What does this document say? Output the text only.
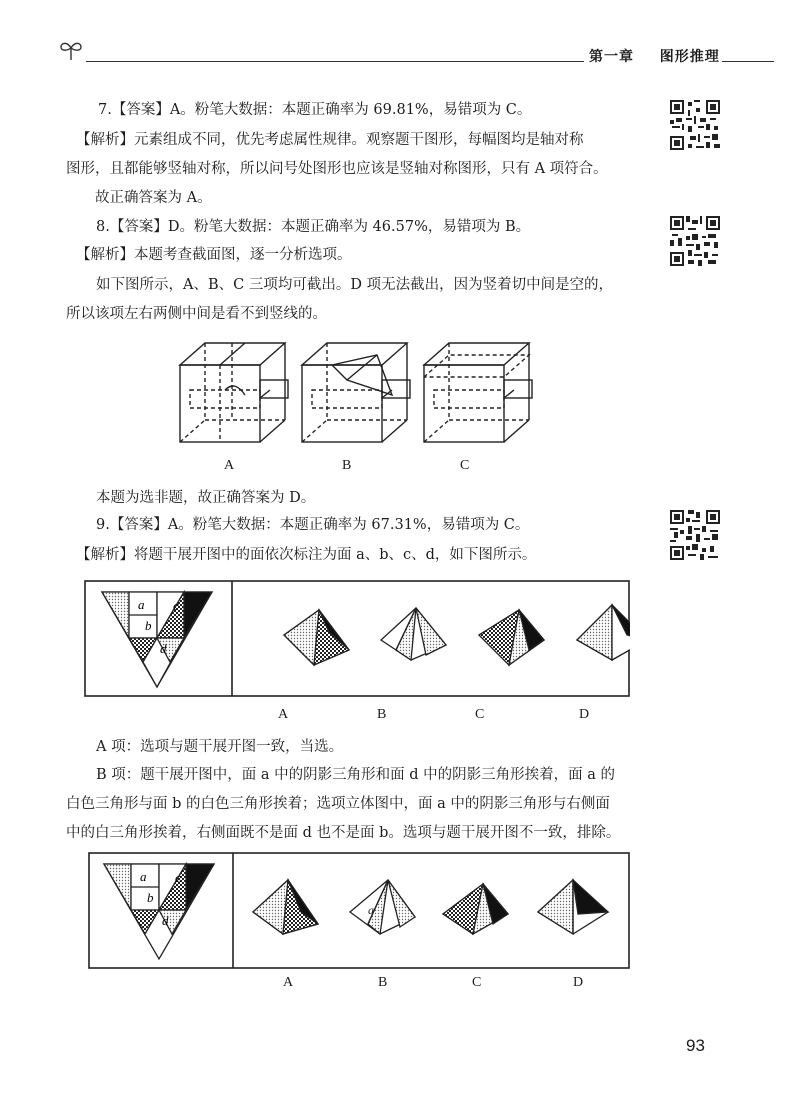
第一章 图形推理
7.【答案】A。粉笔大数据：本题正确率为 69.81%，易错项为 C。
【解析】元素组成不同，优先考虑属性规律。观察题干图形，每幅图均是轴对称
图形，且都能够竖轴对称，所以问号处图形也应该是竖轴对称图形，只有 A 项符合。
故正确答案为 A。
8.【答案】D。粉笔大数据：本题正确率为 46.57%，易错项为 B。
【解析】本题考查截面图，逐一分析选项。
如下图所示，A、B、C 三项均可截出。D 项无法截出，因为竖着切中间是空的，
所以该项左右两侧中间是看不到竖线的。
A	B	C
本题为选非题，故正确答案为 D。
9.【答案】A。粉笔大数据：本题正确率为 67.31%，易错项为 C。
【解析】将题干展开图中的面依次标注为面 a、b、c、d，如下图所示。
a
b
c
d
A	B	C	D
A 项：选项与题干展开图一致，当选。
B 项：题干展开图中，面 a 中的阴影三角形和面 d 中的阴影三角形挨着，面 a 的
白色三角形与面 b 的白色三角形挨着；选项立体图中，面 a 中的阴影三角形与右侧面
中的白三角形挨着，右侧面既不是面 d 也不是面 b。选项与题干展开图不一致，排除。
a
b
c
d
a
A	B	C	D
93
